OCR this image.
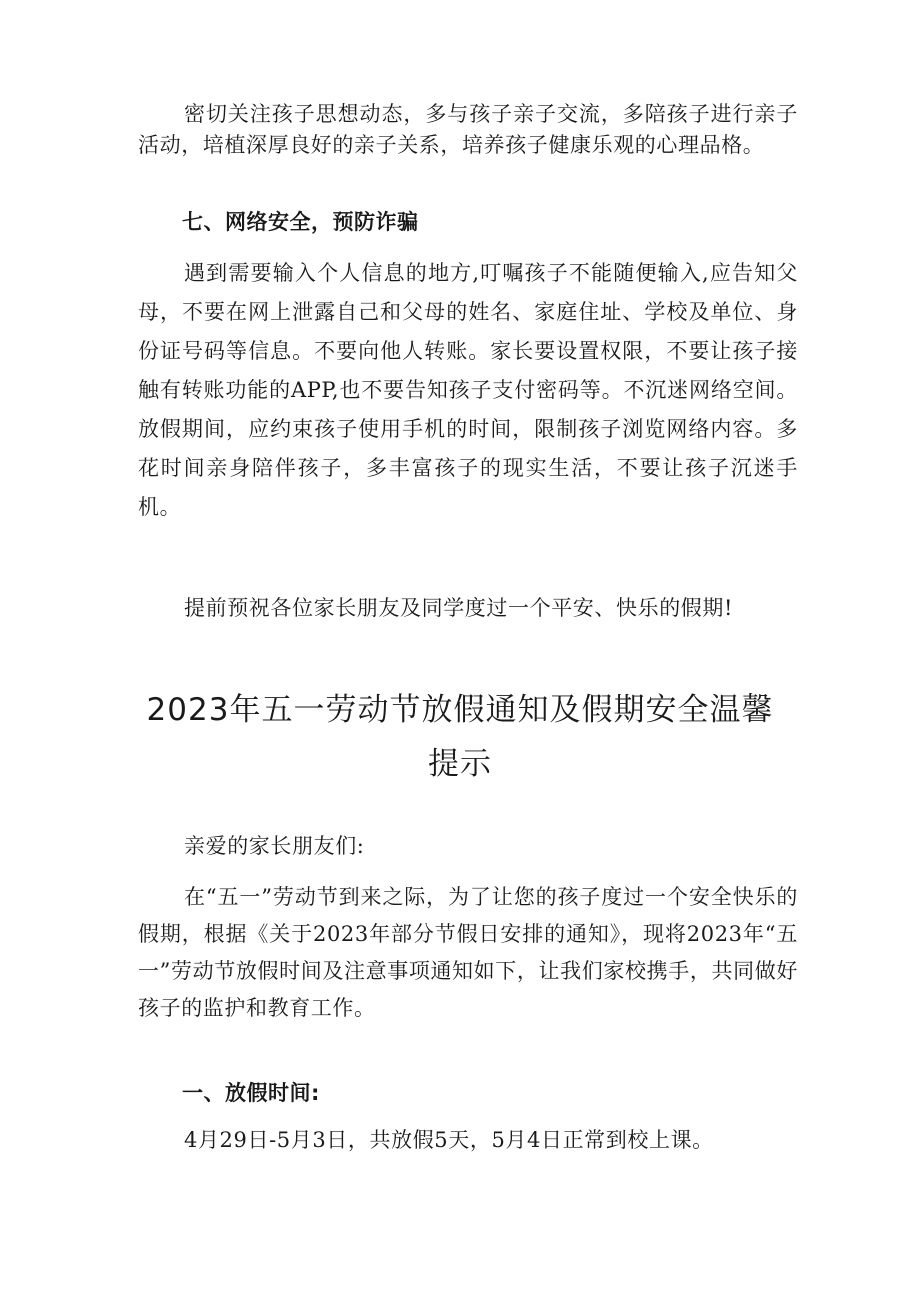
密切关注孩子思想动态，多与孩子亲子交流，多陪孩子进行亲子活动，培植深厚良好的亲子关系，培养孩子健康乐观的心理品格。

七、网络安全，预防诈骗

遇到需要输入个人信息的地方,叮嘱孩子不能随便输入,应告知父母，不要在网上泄露自己和父母的姓名、家庭住址、学校及单位、身份证号码等信息。不要向他人转账。家长要设置权限，不要让孩子接触有转账功能的APP,也不要告知孩子支付密码等。不沉迷网络空间。放假期间，应约束孩子使用手机的时间，限制孩子浏览网络内容。多花时间亲身陪伴孩子，多丰富孩子的现实生活，不要让孩子沉迷手机。

提前预祝各位家长朋友及同学度过一个平安、快乐的假期!

2023年五一劳动节放假通知及假期安全温馨提示

亲爱的家长朋友们:

在“五一”劳动节到来之际，为了让您的孩子度过一个安全快乐的假期，根据《关于2023年部分节假日安排的通知》，现将2023年“五一”劳动节放假时间及注意事项通知如下，让我们家校携手，共同做好孩子的监护和教育工作。

一、放假时间:

4月29日-5月3日，共放假5天，5月4日正常到校上课。
